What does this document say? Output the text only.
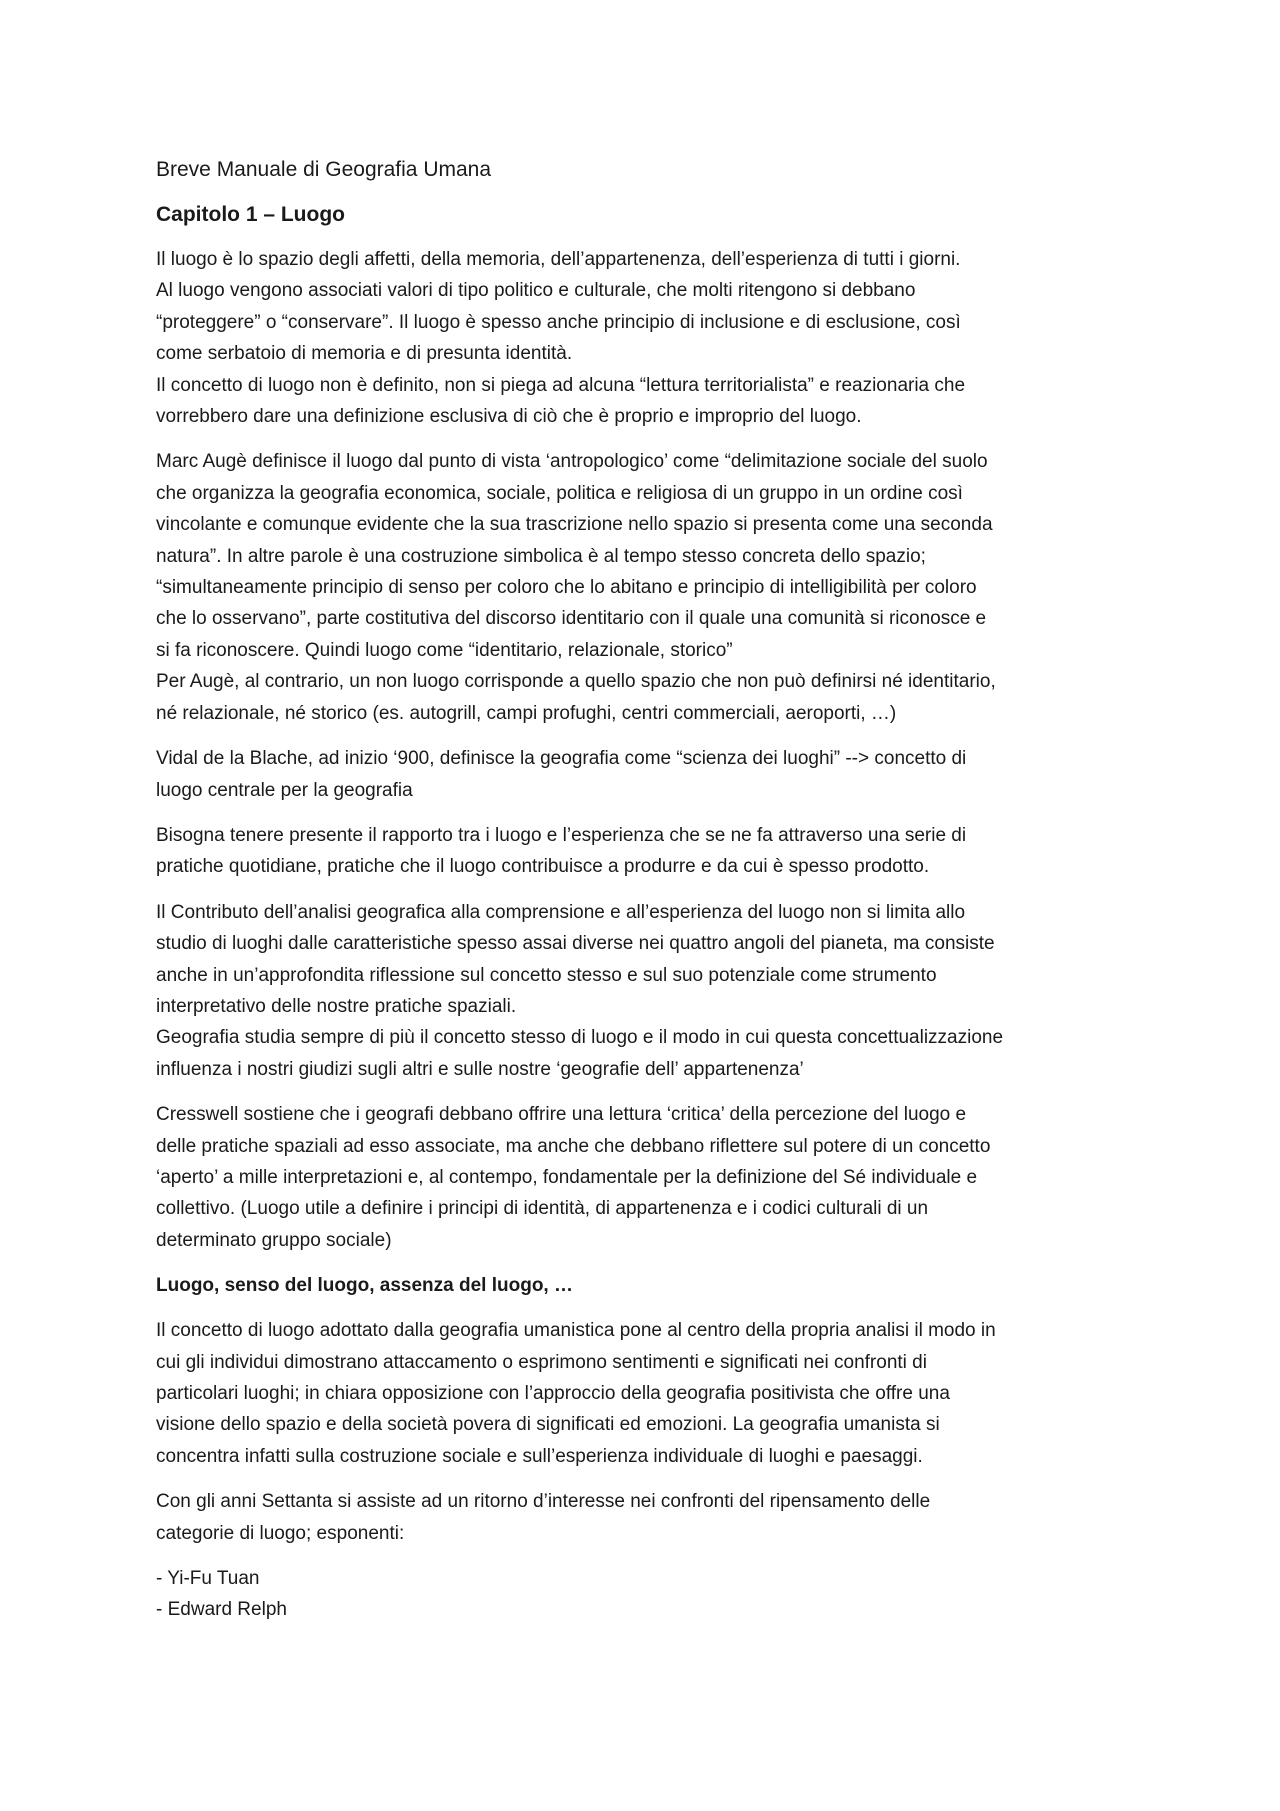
Breve Manuale di Geografia Umana
Capitolo 1 – Luogo

Il luogo è lo spazio degli affetti, della memoria, dell’appartenenza, dell’esperienza di tutti i giorni.
Al luogo vengono associati valori di tipo politico e culturale, che molti ritengono si debbano
“proteggere” o “conservare”. Il luogo è spesso anche principio di inclusione e di esclusione, così
come serbatoio di memoria e di presunta identità.
Il concetto di luogo non è definito, non si piega ad alcuna “lettura territorialista” e reazionaria che
vorrebbero dare una definizione esclusiva di ciò che è proprio e improprio del luogo.

Marc Augè definisce il luogo dal punto di vista ‘antropologico’ come “delimitazione sociale del suolo
che organizza la geografia economica, sociale, politica e religiosa di un gruppo in un ordine così
vincolante e comunque evidente che la sua trascrizione nello spazio si presenta come una seconda
natura”. In altre parole è una costruzione simbolica è al tempo stesso concreta dello spazio;
“simultaneamente principio di senso per coloro che lo abitano e principio di intelligibilità per coloro
che lo osservano”, parte costitutiva del discorso identitario con il quale una comunità si riconosce e
si fa riconoscere. Quindi luogo come “identitario, relazionale, storico”
Per Augè, al contrario, un non luogo corrisponde a quello spazio che non può definirsi né identitario,
né relazionale, né storico (es. autogrill, campi profughi, centri commerciali, aeroporti, …)

Vidal de la Blache, ad inizio ‘900, definisce la geografia come “scienza dei luoghi” --> concetto di
luogo centrale per la geografia

Bisogna tenere presente il rapporto tra i luogo e l’esperienza che se ne fa attraverso una serie di
pratiche quotidiane, pratiche che il luogo contribuisce a produrre e da cui è spesso prodotto.

Il Contributo dell’analisi geografica alla comprensione e all’esperienza del luogo non si limita allo
studio di luoghi dalle caratteristiche spesso assai diverse nei quattro angoli del pianeta, ma consiste
anche in un’approfondita riflessione sul concetto stesso e sul suo potenziale come strumento
interpretativo delle nostre pratiche spaziali.
Geografia studia sempre di più il concetto stesso di luogo e il modo in cui questa concettualizzazione
influenza i nostri giudizi sugli altri e sulle nostre ‘geografie dell’ appartenenza’

Cresswell sostiene che i geografi debbano offrire una lettura ‘critica’ della percezione del luogo e
delle pratiche spaziali ad esso associate, ma anche che debbano riflettere sul potere di un concetto
‘aperto’ a mille interpretazioni e, al contempo, fondamentale per la definizione del Sé individuale e
collettivo. (Luogo utile a definire i principi di identità, di appartenenza e i codici culturali di un
determinato gruppo sociale)

Luogo, senso del luogo, assenza del luogo, …

Il concetto di luogo adottato dalla geografia umanistica pone al centro della propria analisi il modo in
cui gli individui dimostrano attaccamento o esprimono sentimenti e significati nei confronti di
particolari luoghi; in chiara opposizione con l’approccio della geografia positivista che offre una
visione dello spazio e della società povera di significati ed emozioni. La geografia umanista si
concentra infatti sulla costruzione sociale e sull’esperienza individuale di luoghi e paesaggi.

Con gli anni Settanta si assiste ad un ritorno d’interesse nei confronti del ripensamento delle
categorie di luogo; esponenti:

- Yi-Fu Tuan
- Edward Relph
